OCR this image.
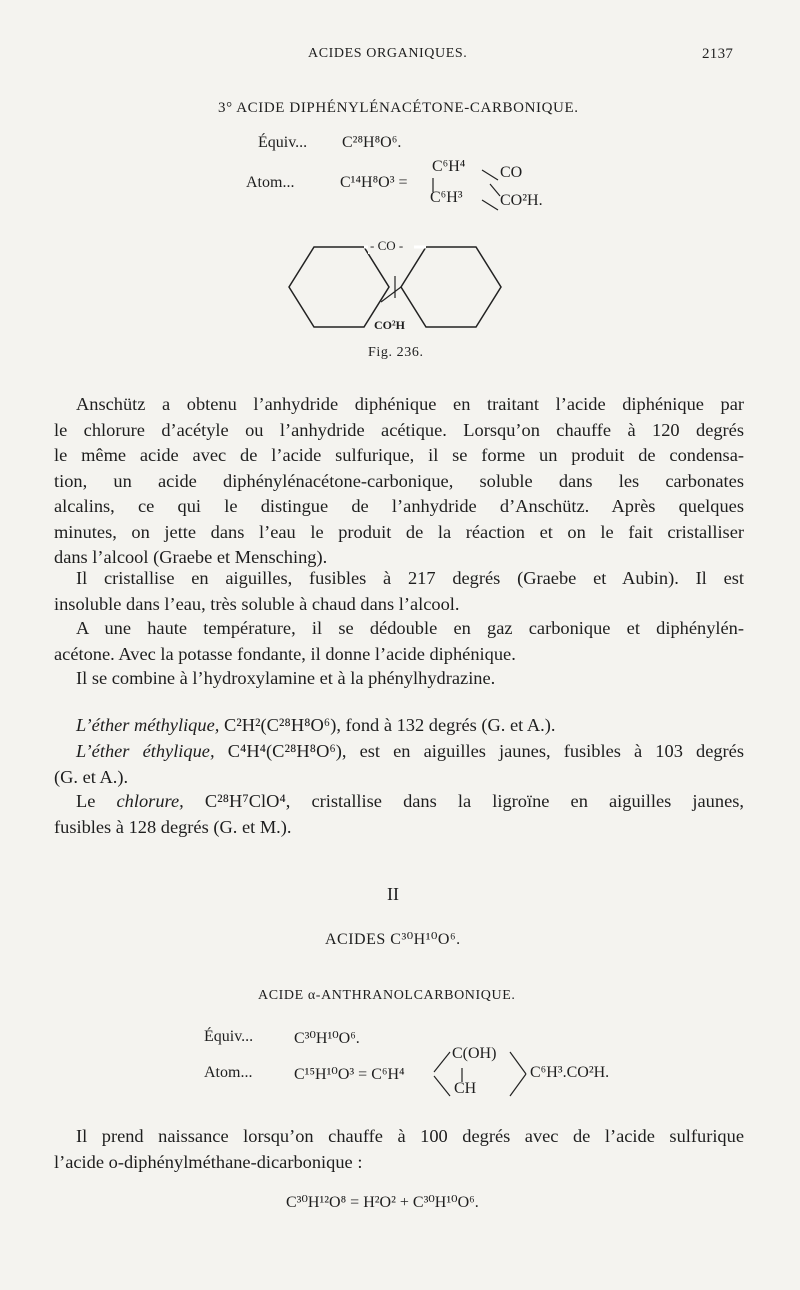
ACIDES ORGANIQUES.	2137
3° ACIDE DIPHÉNYLÉNACÉTONE-CARBONIQUE.
Équiv... C²⁸H⁸O⁶.
Atom...	C¹⁴H⁸O³ =
C⁶H⁴
C⁶H³
CO
CO²H.
- CO -
CO²H
Fig. 236.
Anschütz a obtenu l’anhydride diphénique en traitant l’acide diphénique par
le chlorure d’acétyle ou l’anhydride acétique. Lorsqu’on chauffe à 120 degrés
le même acide avec de l’acide sulfurique, il se forme un produit de condensa-
tion, un acide diphénylénacétone-carbonique, soluble dans les carbonates
alcalins, ce qui le distingue de l’anhydride d’Anschütz. Après quelques
minutes, on jette dans l’eau le produit de la réaction et on le fait cristalliser
dans l’alcool (Graebe et Mensching).
Il cristallise en aiguilles, fusibles à 217 degrés (Graebe et Aubin). Il est
insoluble dans l’eau, très soluble à chaud dans l’alcool.
A une haute température, il se dédouble en gaz carbonique et diphénylén-
acétone. Avec la potasse fondante, il donne l’acide diphénique.
Il se combine à l’hydroxylamine et à la phénylhydrazine.
L’éther méthylique, C²H²(C²⁸H⁸O⁶), fond à 132 degrés (G. et A.).
L’éther éthylique, C⁴H⁴(C²⁸H⁸O⁶), est en aiguilles jaunes, fusibles à 103 degrés
(G. et A.).
Le chlorure, C²⁸H⁷ClO⁴, cristallise dans la ligroïne en aiguilles jaunes,
fusibles à 128 degrés (G. et M.).
II
ACIDES C³⁰H¹⁰O⁶.
ACIDE α-ANTHRANOLCARBONIQUE.
Équiv...	C³⁰H¹⁰O⁶.
Atom...	C¹⁵H¹⁰O³ = C⁶H⁴
C(OH)
CH
C⁶H³.CO²H.
Il prend naissance lorsqu’on chauffe à 100 degrés avec de l’acide sulfurique
l’acide o-diphénylméthane-dicarbonique :
C³⁰H¹²O⁸ = H²O² + C³⁰H¹⁰O⁶.
